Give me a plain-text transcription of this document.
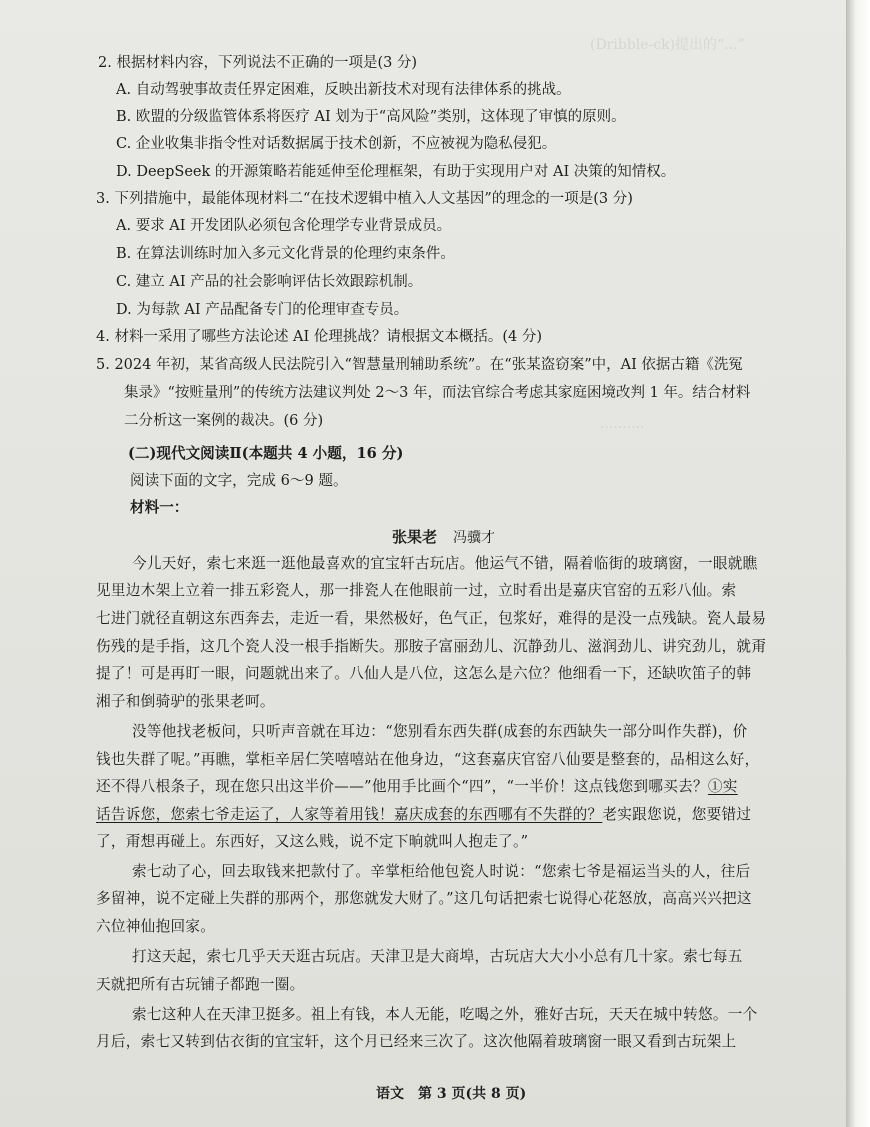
(Dribble-ck)提出的“...”
··········
2. 根据材料内容，下列说法不正确的一项是(3 分)
A. 自动驾驶事故责任界定困难，反映出新技术对现有法律体系的挑战。
B. 欧盟的分级监管体系将医疗 AI 划为于“高风险”类别，这体现了审慎的原则。
C. 企业收集非指令性对话数据属于技术创新，不应被视为隐私侵犯。
D. DeepSeek 的开源策略若能延伸至伦理框架，有助于实现用户对 AI 决策的知情权。
3. 下列措施中，最能体现材料二“在技术逻辑中植入人文基因”的理念的一项是(3 分)
A. 要求 AI 开发团队必须包含伦理学专业背景成员。
B. 在算法训练时加入多元文化背景的伦理约束条件。
C. 建立 AI 产品的社会影响评估长效跟踪机制。
D. 为每款 AI 产品配备专门的伦理审查专员。
4. 材料一采用了哪些方法论述 AI 伦理挑战？请根据文本概括。(4 分)
5. 2024 年初，某省高级人民法院引入“智慧量刑辅助系统”。在“张某盗窃案”中，AI 依据古籍《洗冤
集录》“按赃量刑”的传统方法建议判处 2～3 年，而法官综合考虑其家庭困境改判 1 年。结合材料
二分析这一案例的裁决。(6 分)
(二)现代文阅读Ⅱ(本题共 4 小题，16 分)
阅读下面的文字，完成 6～9 题。
材料一：
张果老 冯骥才
今儿天好，索七来逛一逛他最喜欢的宜宝轩古玩店。他运气不错，隔着临街的玻璃窗，一眼就瞧
见里边木架上立着一排五彩瓷人，那一排瓷人在他眼前一过，立时看出是嘉庆官窑的五彩八仙。索
七进门就径直朝这东西奔去，走近一看，果然极好，色气正，包浆好，难得的是没一点残缺。瓷人最易
伤残的是手指，这几个瓷人没一根手指断失。那胺子富丽劲儿、沉静劲儿、滋润劲儿、讲究劲儿，就甭
提了！可是再盯一眼，问题就出来了。八仙人是八位，这怎么是六位？他细看一下，还缺吹笛子的韩
湘子和倒骑驴的张果老呵。
没等他找老板问，只听声音就在耳边：“您别看东西失群(成套的东西缺失一部分叫作失群)，价
钱也失群了呢。”再瞧，掌柜辛居仁笑嘻嘻站在他身边，“这套嘉庆官窑八仙要是整套的，品相这么好，
还不得八根条子，现在您只出这半价——”他用手比画个“四”，“一半价！这点钱您到哪买去？①实
话告诉您，您索七爷走运了，人家等着用钱！嘉庆成套的东西哪有不失群的？老实跟您说，您要错过
了，甭想再碰上。东西好，又这么贱，说不定下晌就叫人抱走了。”
索七动了心，回去取钱来把款付了。辛掌柜给他包瓷人时说：“您索七爷是福运当头的人，往后
多留神，说不定碰上失群的那两个，那您就发大财了。”这几句话把索七说得心花怒放，高高兴兴把这
六位神仙抱回家。
打这天起，索七几乎天天逛古玩店。天津卫是大商埠，古玩店大大小小总有几十家。索七每五
天就把所有古玩铺子都跑一圈。
索七这种人在天津卫挺多。祖上有钱，本人无能，吃喝之外，雅好古玩，天天在城中转悠。一个
月后，索七又转到估衣街的宜宝轩，这个月已经来三次了。这次他隔着玻璃窗一眼又看到古玩架上
语文　第 3 页(共 8 页)
